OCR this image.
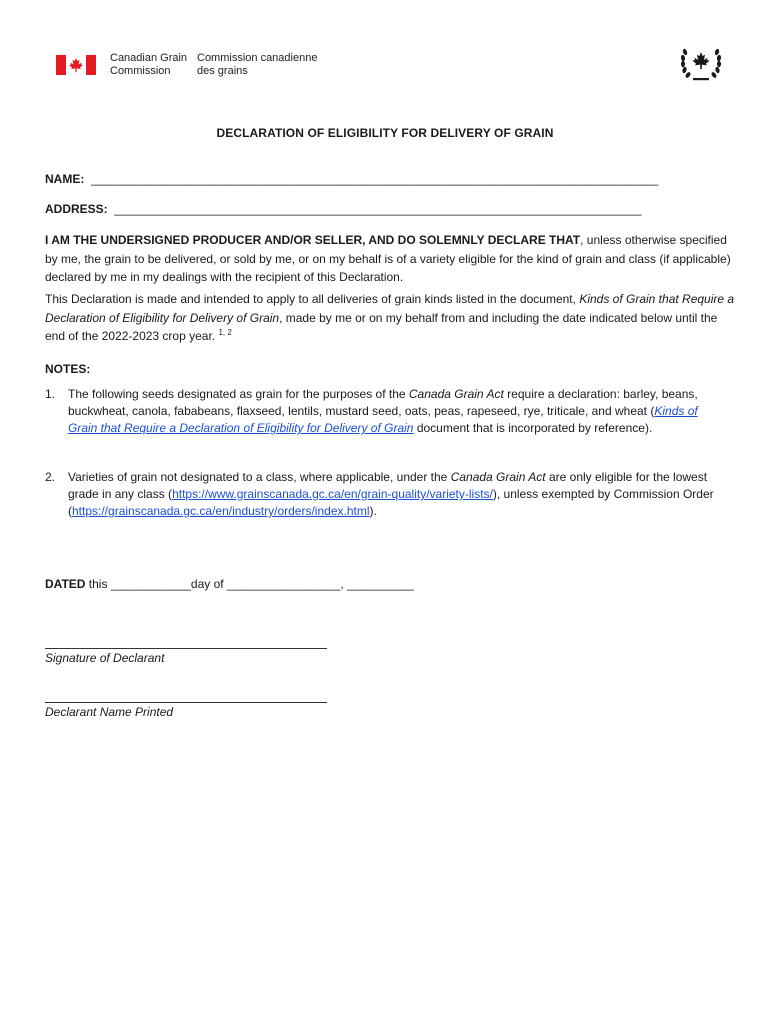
Canadian Grain
Commission
Commission canadienne
des grains
DECLARATION OF ELIGIBILITY FOR DELIVERY OF GRAIN
NAME: _____________________________________________________________________________________
ADDRESS: _______________________________________________________________________________
I AM THE UNDERSIGNED PRODUCER AND/OR SELLER, AND DO SOLEMNLY DECLARE THAT, unless otherwise specified by me, the grain to be delivered, or sold by me, or on my behalf is of a variety eligible for the kind of grain and class (if applicable) declared by me in my dealings with the recipient of this Declaration.
This Declaration is made and intended to apply to all deliveries of grain kinds listed in the document, Kinds of Grain that Require a Declaration of Eligibility for Delivery of Grain, made by me or on my behalf from and including the date indicated below until the end of the 2022-2023 crop year. $^{1, 2}$
NOTES:
1. The following seeds designated as grain for the purposes of the Canada Grain Act require a declaration: barley, beans, buckwheat, canola, fababeans, flaxseed, lentils, mustard seed, oats, peas, rapeseed, rye, triticale, and wheat (Kinds of Grain that Require a Declaration of Eligibility for Delivery of Grain document that is incorporated by reference).
2. Varieties of grain not designated to a class, where applicable, under the Canada Grain Act are only eligible for the lowest grade in any class (https://www.grainscanada.gc.ca/en/grain-quality/variety-lists/), unless exempted by Commission Order (https://grainscanada.gc.ca/en/industry/orders/index.html).
DATED this ____________day of _________________, __________
Signature of Declarant
Declarant Name Printed
